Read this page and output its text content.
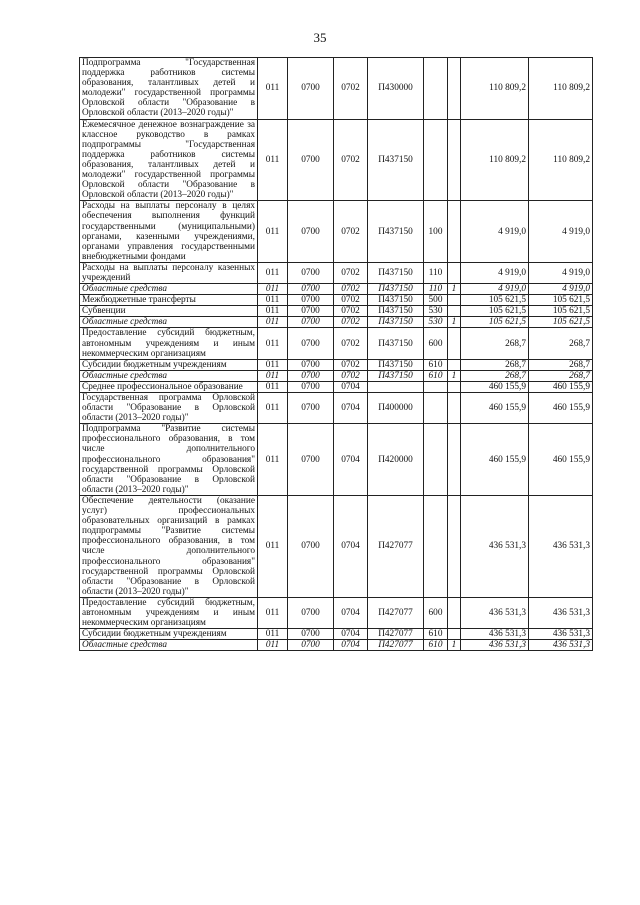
35
Подпрограмма "Государственная поддержка работников системы образования, талантливых детей и молодежи" государственной программы Орловской области "Образование в Орловской области (2013–2020 годы)"	011	0700	0702	П430000			110 809,2	110 809,2
Ежемесячное денежное вознаграждение за классное руководство в рамках подпрограммы "Государственная поддержка работников системы образования, талантливых детей и молодежи" государственной программы Орловской области "Образование в Орловской области (2013–2020 годы)"	011	0700	0702	П437150			110 809,2	110 809,2
Расходы на выплаты персоналу в целях обеспечения выполнения функций государственными (муниципальными) органами, казенными учреждениями, органами управления государственными внебюджетными фондами	011	0700	0702	П437150	100		4 919,0	4 919,0
Расходы на выплаты персоналу казенных учреждений	011	0700	0702	П437150	110		4 919,0	4 919,0
Областные средства	011	0700	0702	П437150	110	1	4 919,0	4 919,0
Межбюджетные трансферты	011	0700	0702	П437150	500		105 621,5	105 621,5
Субвенции	011	0700	0702	П437150	530		105 621,5	105 621,5
Областные средства	011	0700	0702	П437150	530	1	105 621,5	105 621,5
Предоставление субсидий бюджетным, автономным учреждениям и иным некоммерческим организациям	011	0700	0702	П437150	600		268,7	268,7
Субсидии бюджетным учреждениям	011	0700	0702	П437150	610		268,7	268,7
Областные средства	011	0700	0702	П437150	610	1	268,7	268,7
Среднее профессиональное образование	011	0700	0704				460 155,9	460 155,9
Государственная программа Орловской области "Образование в Орловской области (2013–2020 годы)"	011	0700	0704	П400000			460 155,9	460 155,9
Подпрограмма "Развитие системы профессионального образования, в том числе дополнительного профессионального образования" государственной программы Орловской области "Образование в Орловской области (2013–2020 годы)"	011	0700	0704	П420000			460 155,9	460 155,9
Обеспечение деятельности (оказание услуг) профессиональных образовательных организаций в рамках подпрограммы "Развитие системы профессионального образования, в том числе дополнительного профессионального образования" государственной программы Орловской области "Образование в Орловской области (2013–2020 годы)"	011	0700	0704	П427077			436 531,3	436 531,3
Предоставление субсидий бюджетным, автономным учреждениям и иным некоммерческим организациям	011	0700	0704	П427077	600		436 531,3	436 531,3
Субсидии бюджетным учреждениям	011	0700	0704	П427077	610		436 531,3	436 531,3
Областные средства	011	0700	0704	П427077	610	1	436 531,3	436 531,3
